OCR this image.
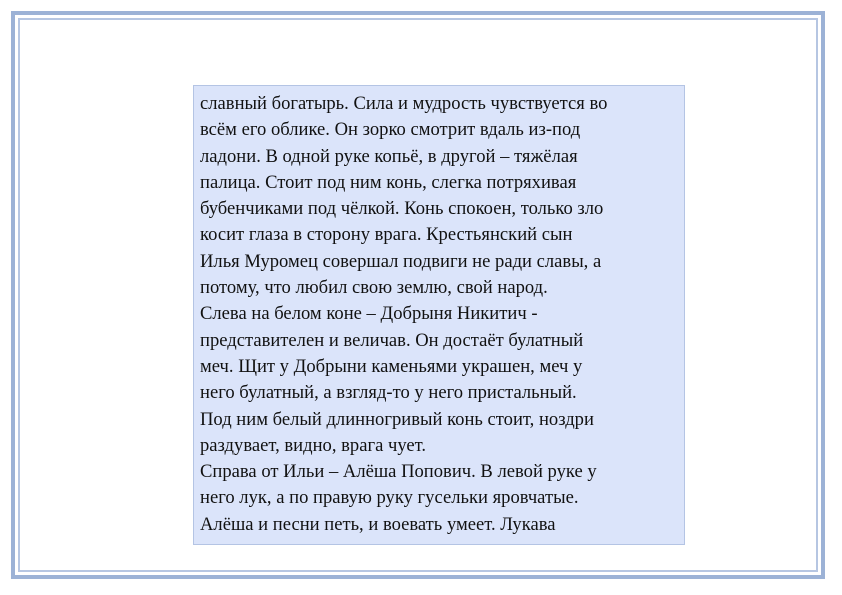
славный богатырь. Сила и мудрость чувствуется во
всём его облике. Он зорко смотрит вдаль из-под
ладони. В одной руке копьё, в другой – тяжёлая
палица. Стоит под ним конь, слегка потряхивая
бубенчиками под чёлкой. Конь спокоен, только зло
косит глаза в сторону врага. Крестьянский сын
Илья Муромец совершал подвиги не ради славы, а
потому, что любил свою землю, свой народ.
Слева на белом коне – Добрыня Никитич -
представителен и величав. Он достаёт булатный
меч. Щит у Добрыни каменьями украшен, меч у
него булатный, а взгляд-то у него пристальный.
Под ним белый длинногривый конь стоит, ноздри
раздувает, видно, врага чует.
Справа от Ильи – Алёша Попович. В левой руке у
него лук, а по правую руку гусельки яровчатые.
Алёша и песни петь, и воевать умеет. Лукава
